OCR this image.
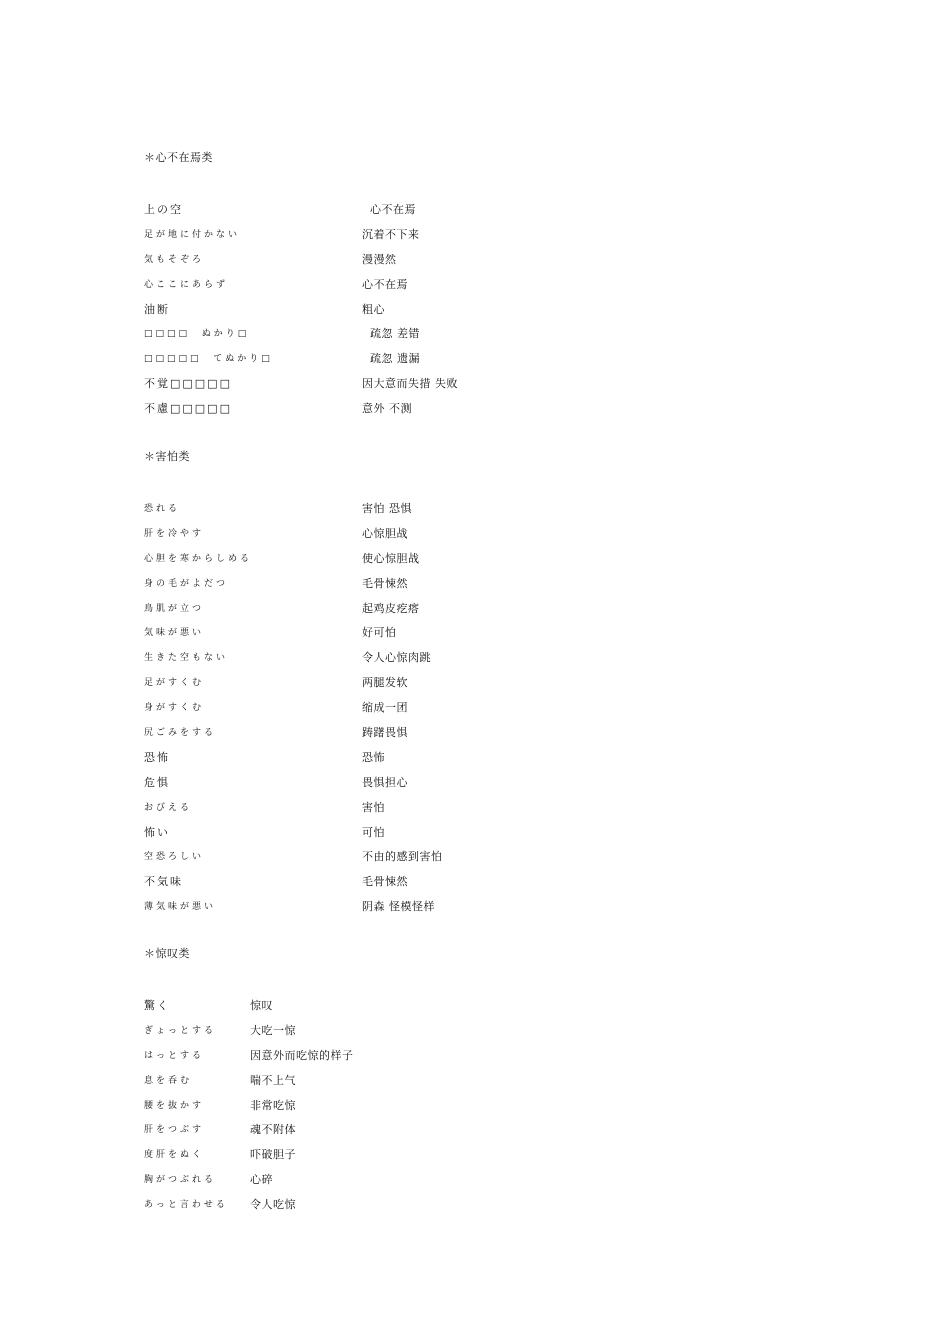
＊心不在焉类
上の空	心不在焉
足が地に付かない	沉着不下来
気もそぞろ	漫漫然
心ここにあらず	心不在焉
油断	粗心
□□□□  ぬかり□	疏忽 差错
□□□□□  てぬかり□	疏忽 遗漏
不覚□□□□□	因大意而失措 失败
不慮□□□□□	意外 不测
＊害怕类
恐れる	害怕 恐惧
肝を冷やす	心惊胆战
心胆を寒からしめる	使心惊胆战
身の毛がよだつ	毛骨悚然
鳥肌が立つ	起鸡皮疙瘩
気味が悪い	好可怕
生きた空もない	令人心惊肉跳
足がすくむ	两腿发软
身がすくむ	缩成一团
尻ごみをする	踌躇畏惧
恐怖	恐怖
危惧	畏惧担心
おびえる	害怕
怖い	可怕
空恐ろしい	不由的感到害怕
不気味	毛骨悚然
薄気味が悪い	阴森 怪模怪样
＊惊叹类
驚く	惊叹
ぎょっとする	大吃一惊
はっとする	因意外而吃惊的样子
息を呑む	喘不上气
腰を抜かす	非常吃惊
肝をつぶす	魂不附体
度肝をぬく	吓破胆子
胸がつぶれる	心碎
あっと言わせる 令人吃惊
